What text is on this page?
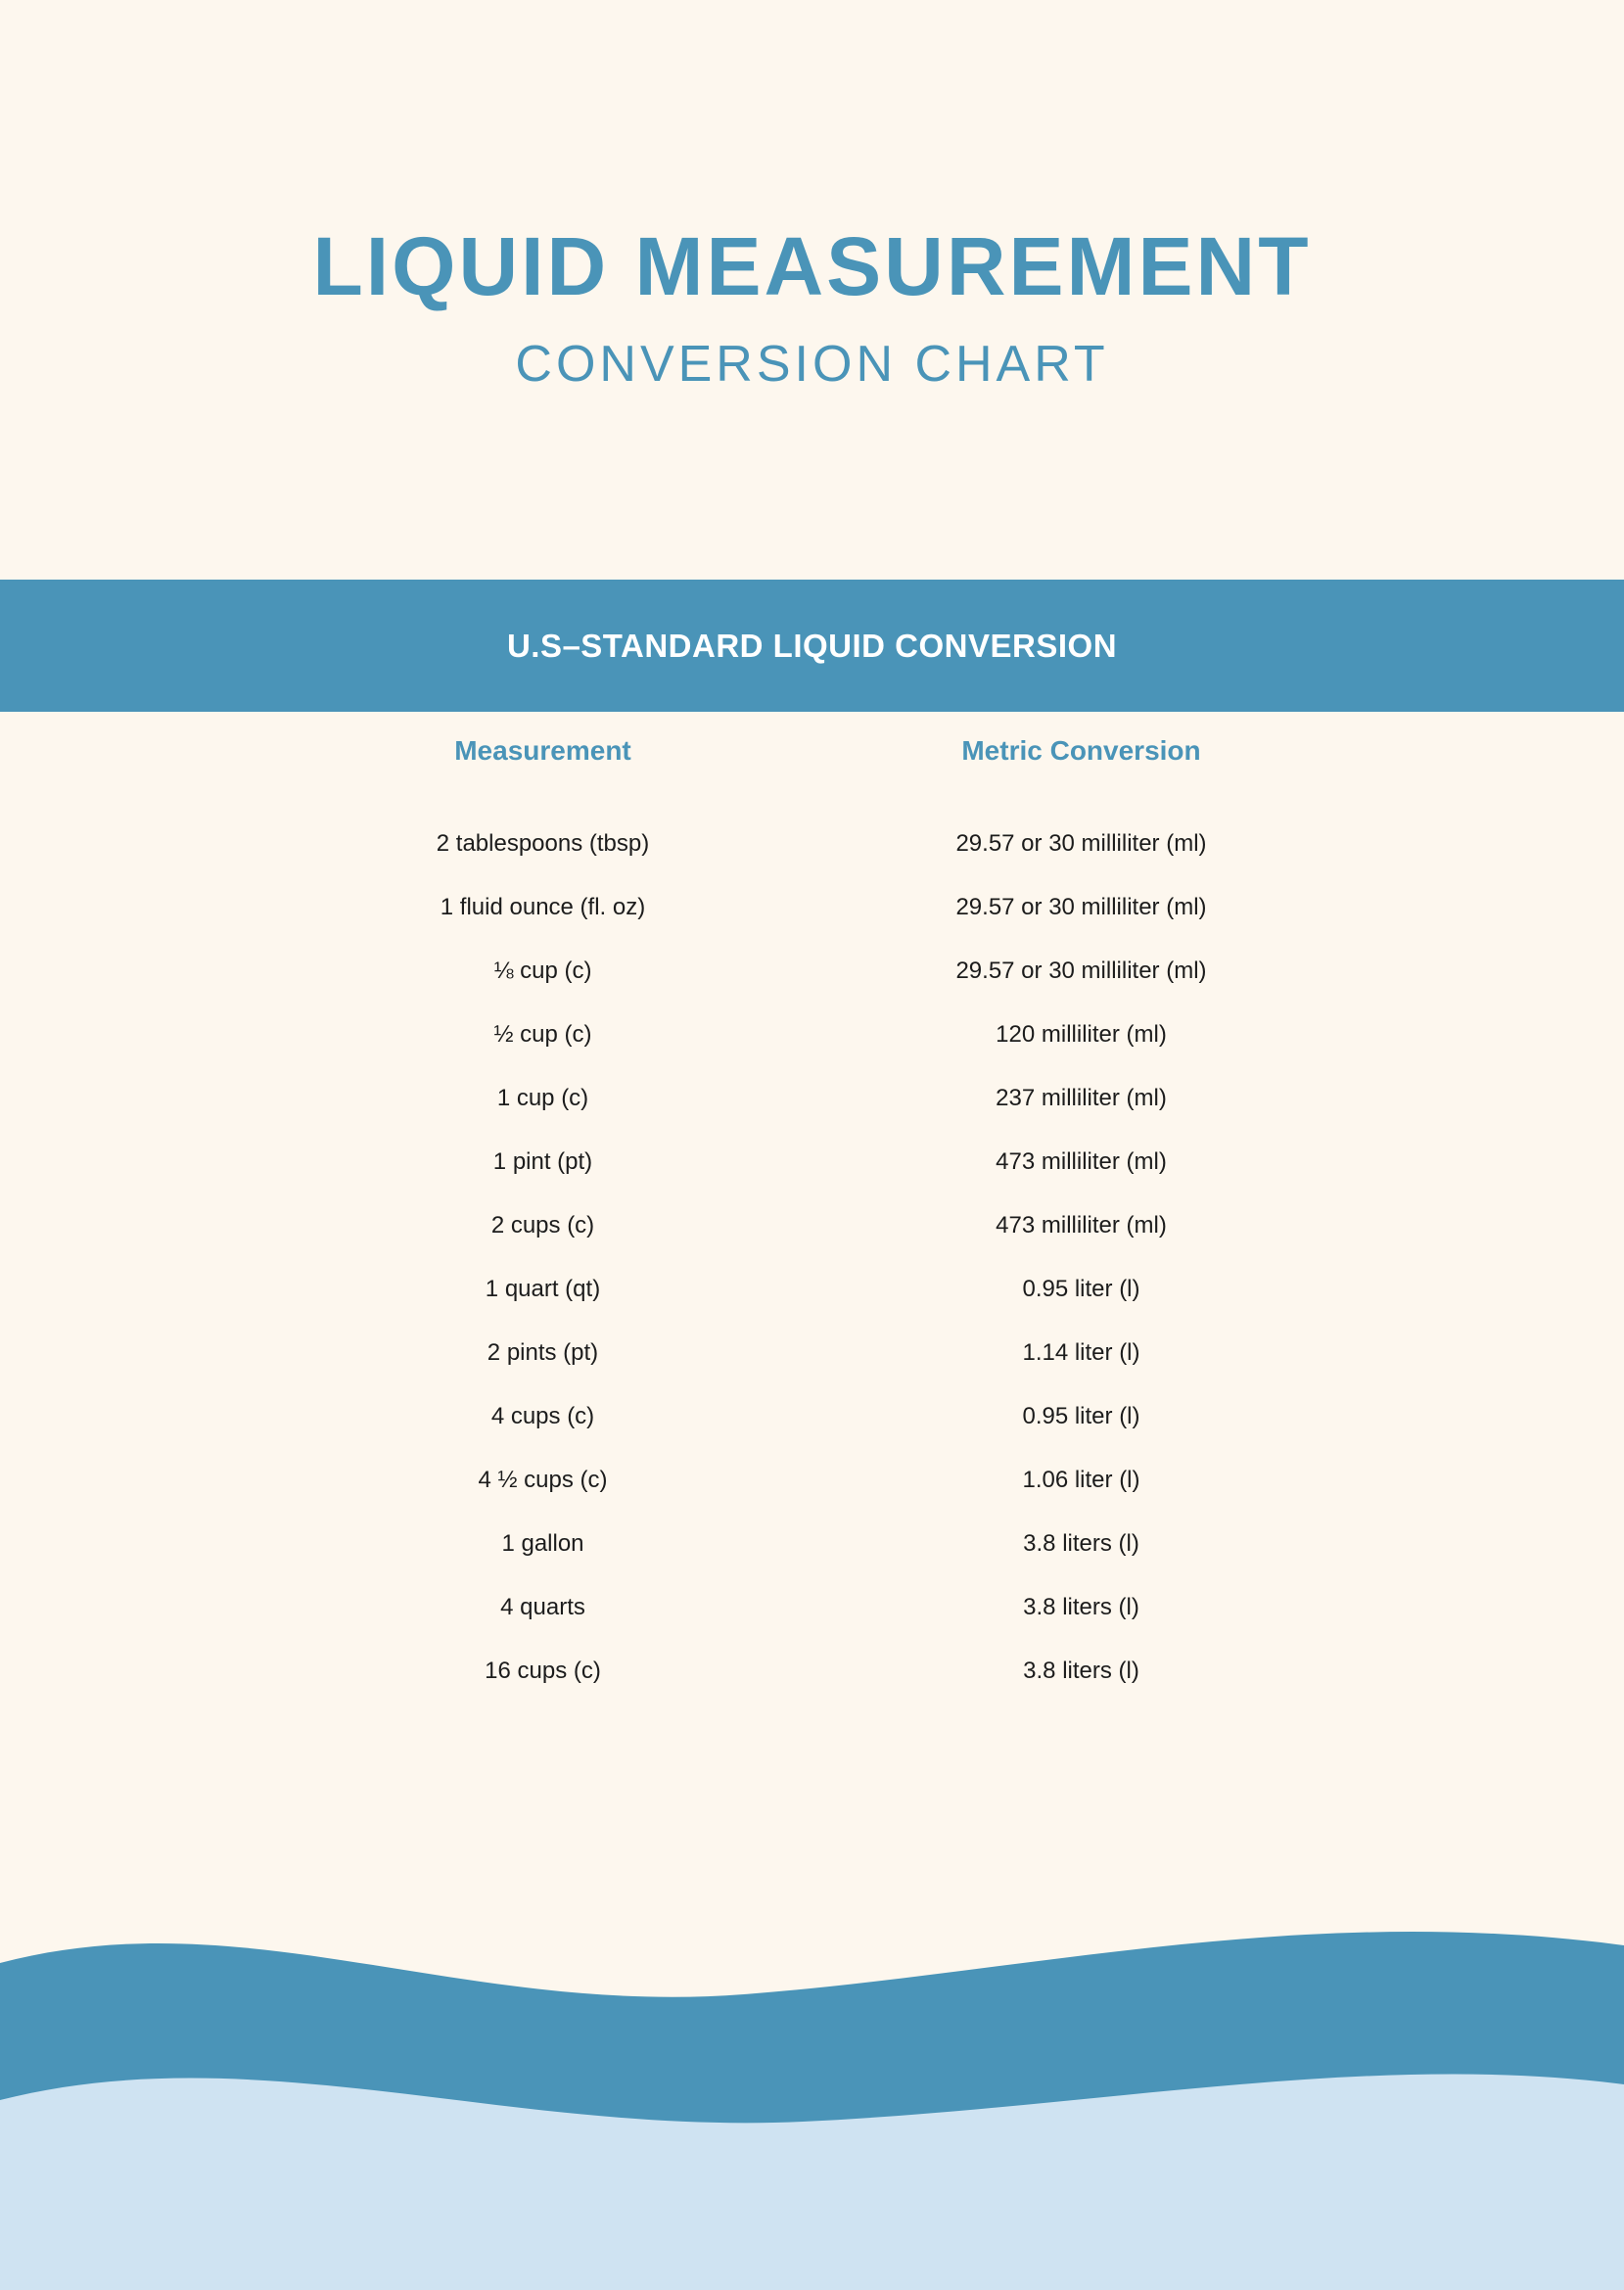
LIQUID MEASUREMENT
CONVERSION CHART
U.S–STANDARD LIQUID CONVERSION
Measurement	Metric Conversion
2 tablespoons (tbsp)	29.57 or 30 milliliter (ml)
1 fluid ounce (fl. oz)	29.57 or 30 milliliter (ml)
⅛ cup (c)	29.57 or 30 milliliter (ml)
½ cup (c)	120 milliliter (ml)
1 cup (c)	237 milliliter (ml)
1 pint (pt)	473 milliliter (ml)
2 cups (c)	473 milliliter (ml)
1 quart (qt)	0.95 liter (l)
2 pints (pt)	1.14 liter (l)
4 cups (c)	0.95 liter (l)
4 ½ cups (c)	1.06 liter (l)
1 gallon	3.8 liters (l)
4 quarts	3.8 liters (l)
16 cups (c)	3.8 liters (l)
